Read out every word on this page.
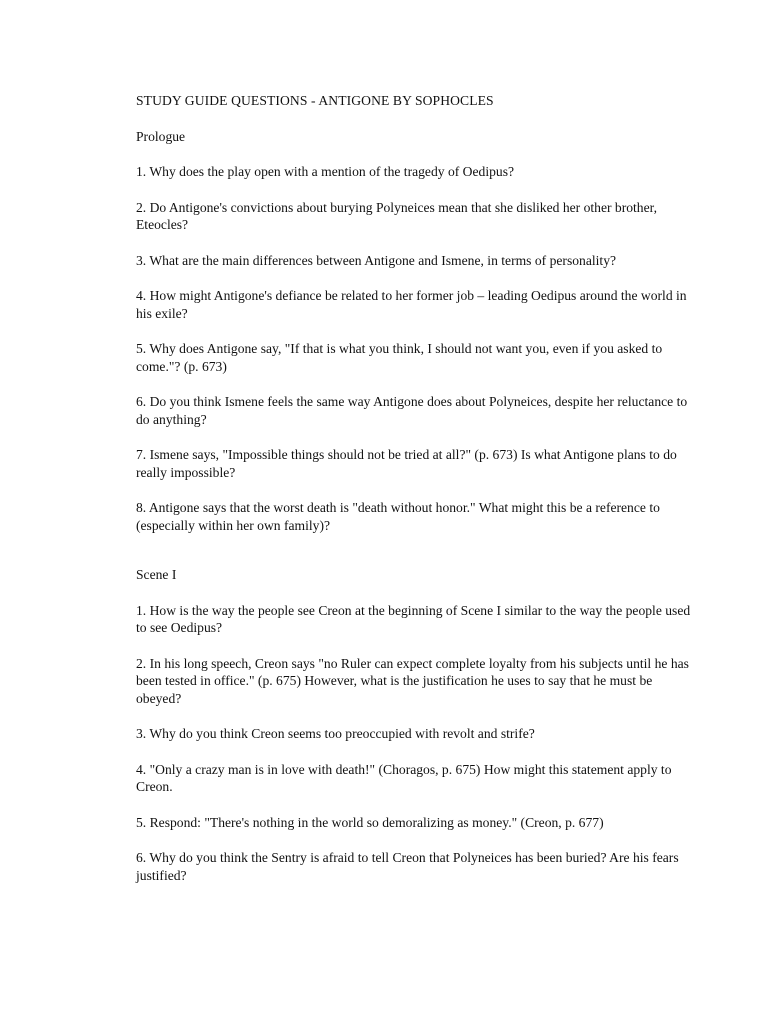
STUDY GUIDE QUESTIONS - ANTIGONE BY SOPHOCLES

Prologue

1. Why does the play open with a mention of the tragedy of Oedipus?

2. Do Antigone's convictions about burying Polyneices mean that she disliked her other brother, Eteocles?

3. What are the main differences between Antigone and Ismene, in terms of personality?

4. How might Antigone's defiance be related to her former job – leading Oedipus around the world in his exile?

5. Why does Antigone say, "If that is what you think, I should not want you, even if you asked to come."? (p. 673)

6. Do you think Ismene feels the same way Antigone does about Polyneices, despite her reluctance to do anything?

7. Ismene says, "Impossible things should not be tried at all?" (p. 673) Is what Antigone plans to do really impossible?

8. Antigone says that the worst death is "death without honor." What might this be a reference to (especially within her own family)?

Scene I

1. How is the way the people see Creon at the beginning of Scene I similar to the way the people used to see Oedipus?

2. In his long speech, Creon says "no Ruler can expect complete loyalty from his subjects until he has been tested in office." (p. 675) However, what is the justification he uses to say that he must be obeyed?

3. Why do you think Creon seems too preoccupied with revolt and strife?

4. "Only a crazy man is in love with death!" (Choragos, p. 675) How might this statement apply to Creon.

5. Respond: "There's nothing in the world so demoralizing as money." (Creon, p. 677)

6. Why do you think the Sentry is afraid to tell Creon that Polyneices has been buried? Are his fears justified?
